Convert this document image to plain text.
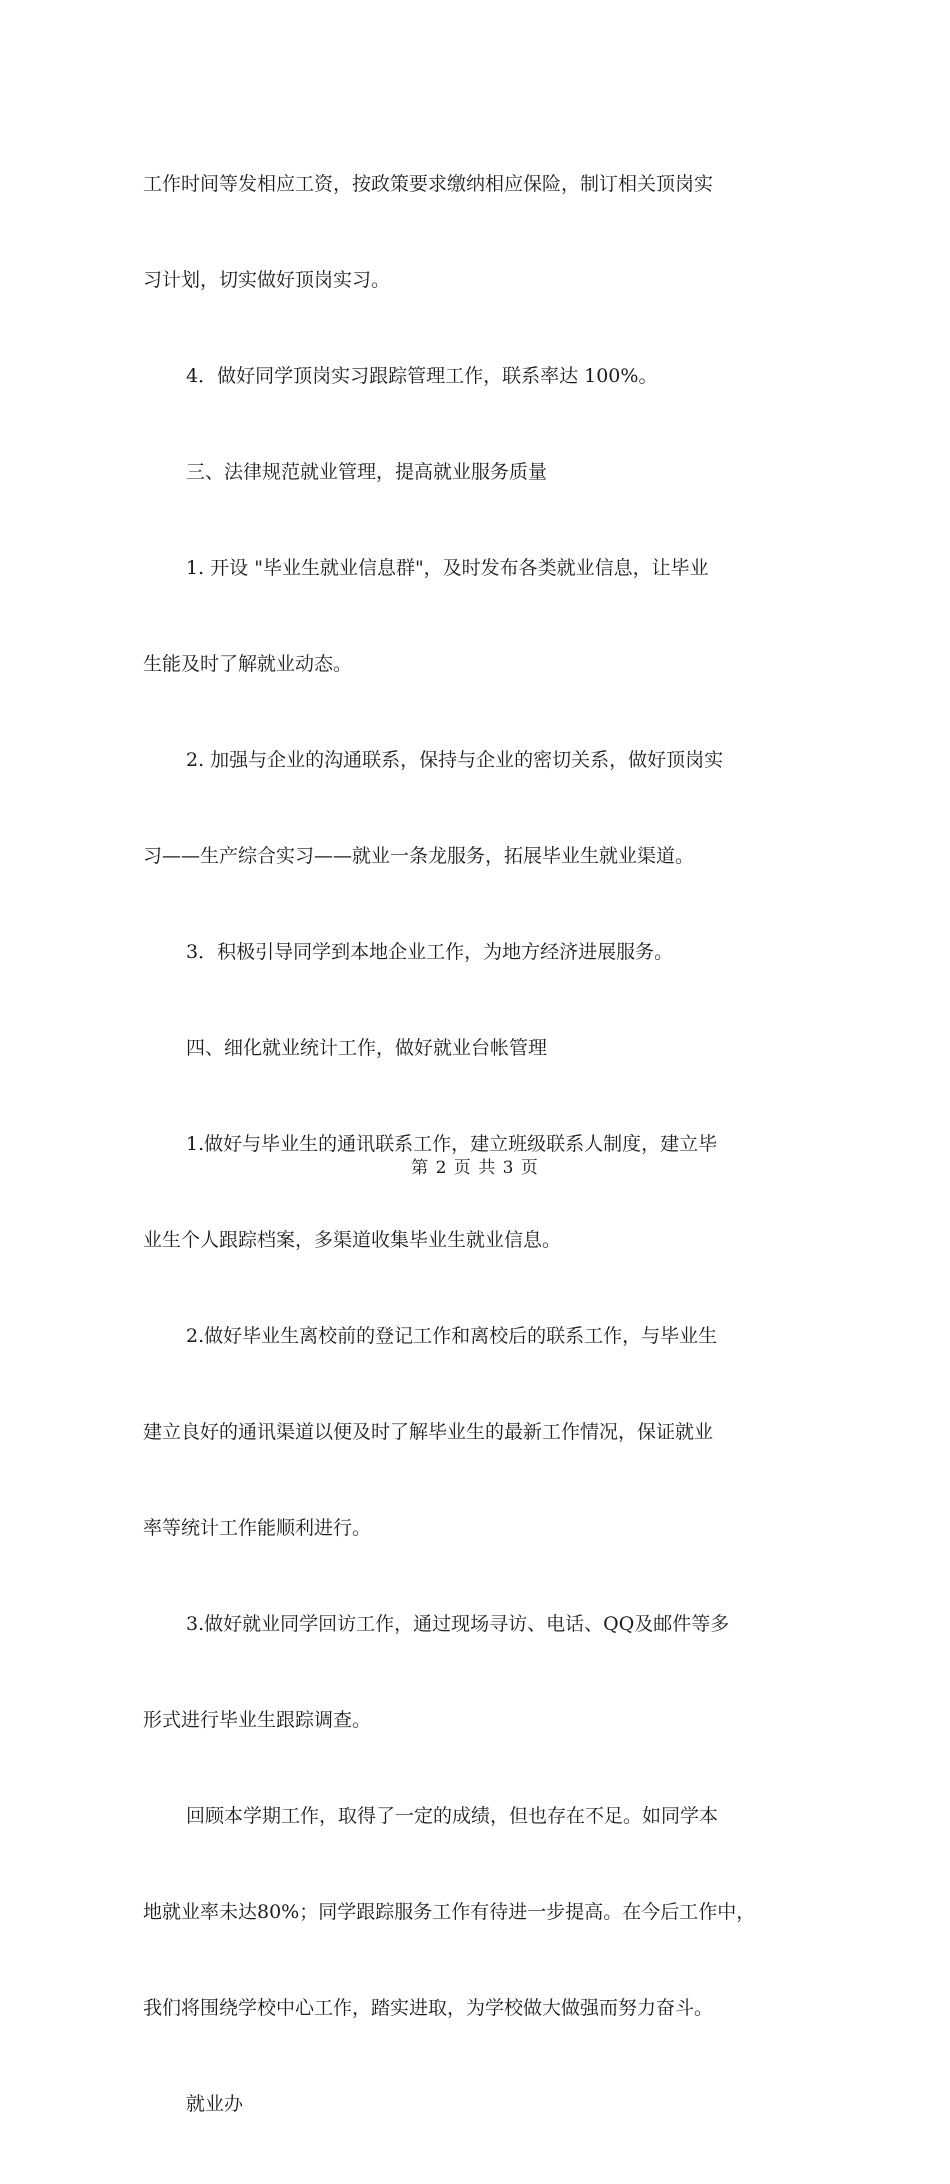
工作时间等发相应工资，按政策要求缴纳相应保险，制订相关顶岗实

习计划，切实做好顶岗实习。

4．做好同学顶岗实习跟踪管理工作，联系率达 100%。

三、法律规范就业管理，提高就业服务质量

1. 开设 "毕业生就业信息群"，及时发布各类就业信息，让毕业

生能及时了解就业动态。

2. 加强与企业的沟通联系，保持与企业的密切关系，做好顶岗实

习——生产综合实习——就业一条龙服务，拓展毕业生就业渠道。

3．积极引导同学到本地企业工作，为地方经济进展服务。

四、细化就业统计工作，做好就业台帐管理

1.做好与毕业生的通讯联系工作，建立班级联系人制度，建立毕

业生个人跟踪档案，多渠道收集毕业生就业信息。

2.做好毕业生离校前的登记工作和离校后的联系工作，与毕业生

建立良好的通讯渠道以便及时了解毕业生的最新工作情况，保证就业

率等统计工作能顺利进行。

3.做好就业同学回访工作，通过现场寻访、电话、QQ及邮件等多

形式进行毕业生跟踪调查。

回顾本学期工作，取得了一定的成绩，但也存在不足。如同学本

地就业率未达80%；同学跟踪服务工作有待进一步提高。在今后工作中，

我们将围绕学校中心工作，踏实进取，为学校做大做强而努力奋斗。

就业办

第 2 页 共 3 页
